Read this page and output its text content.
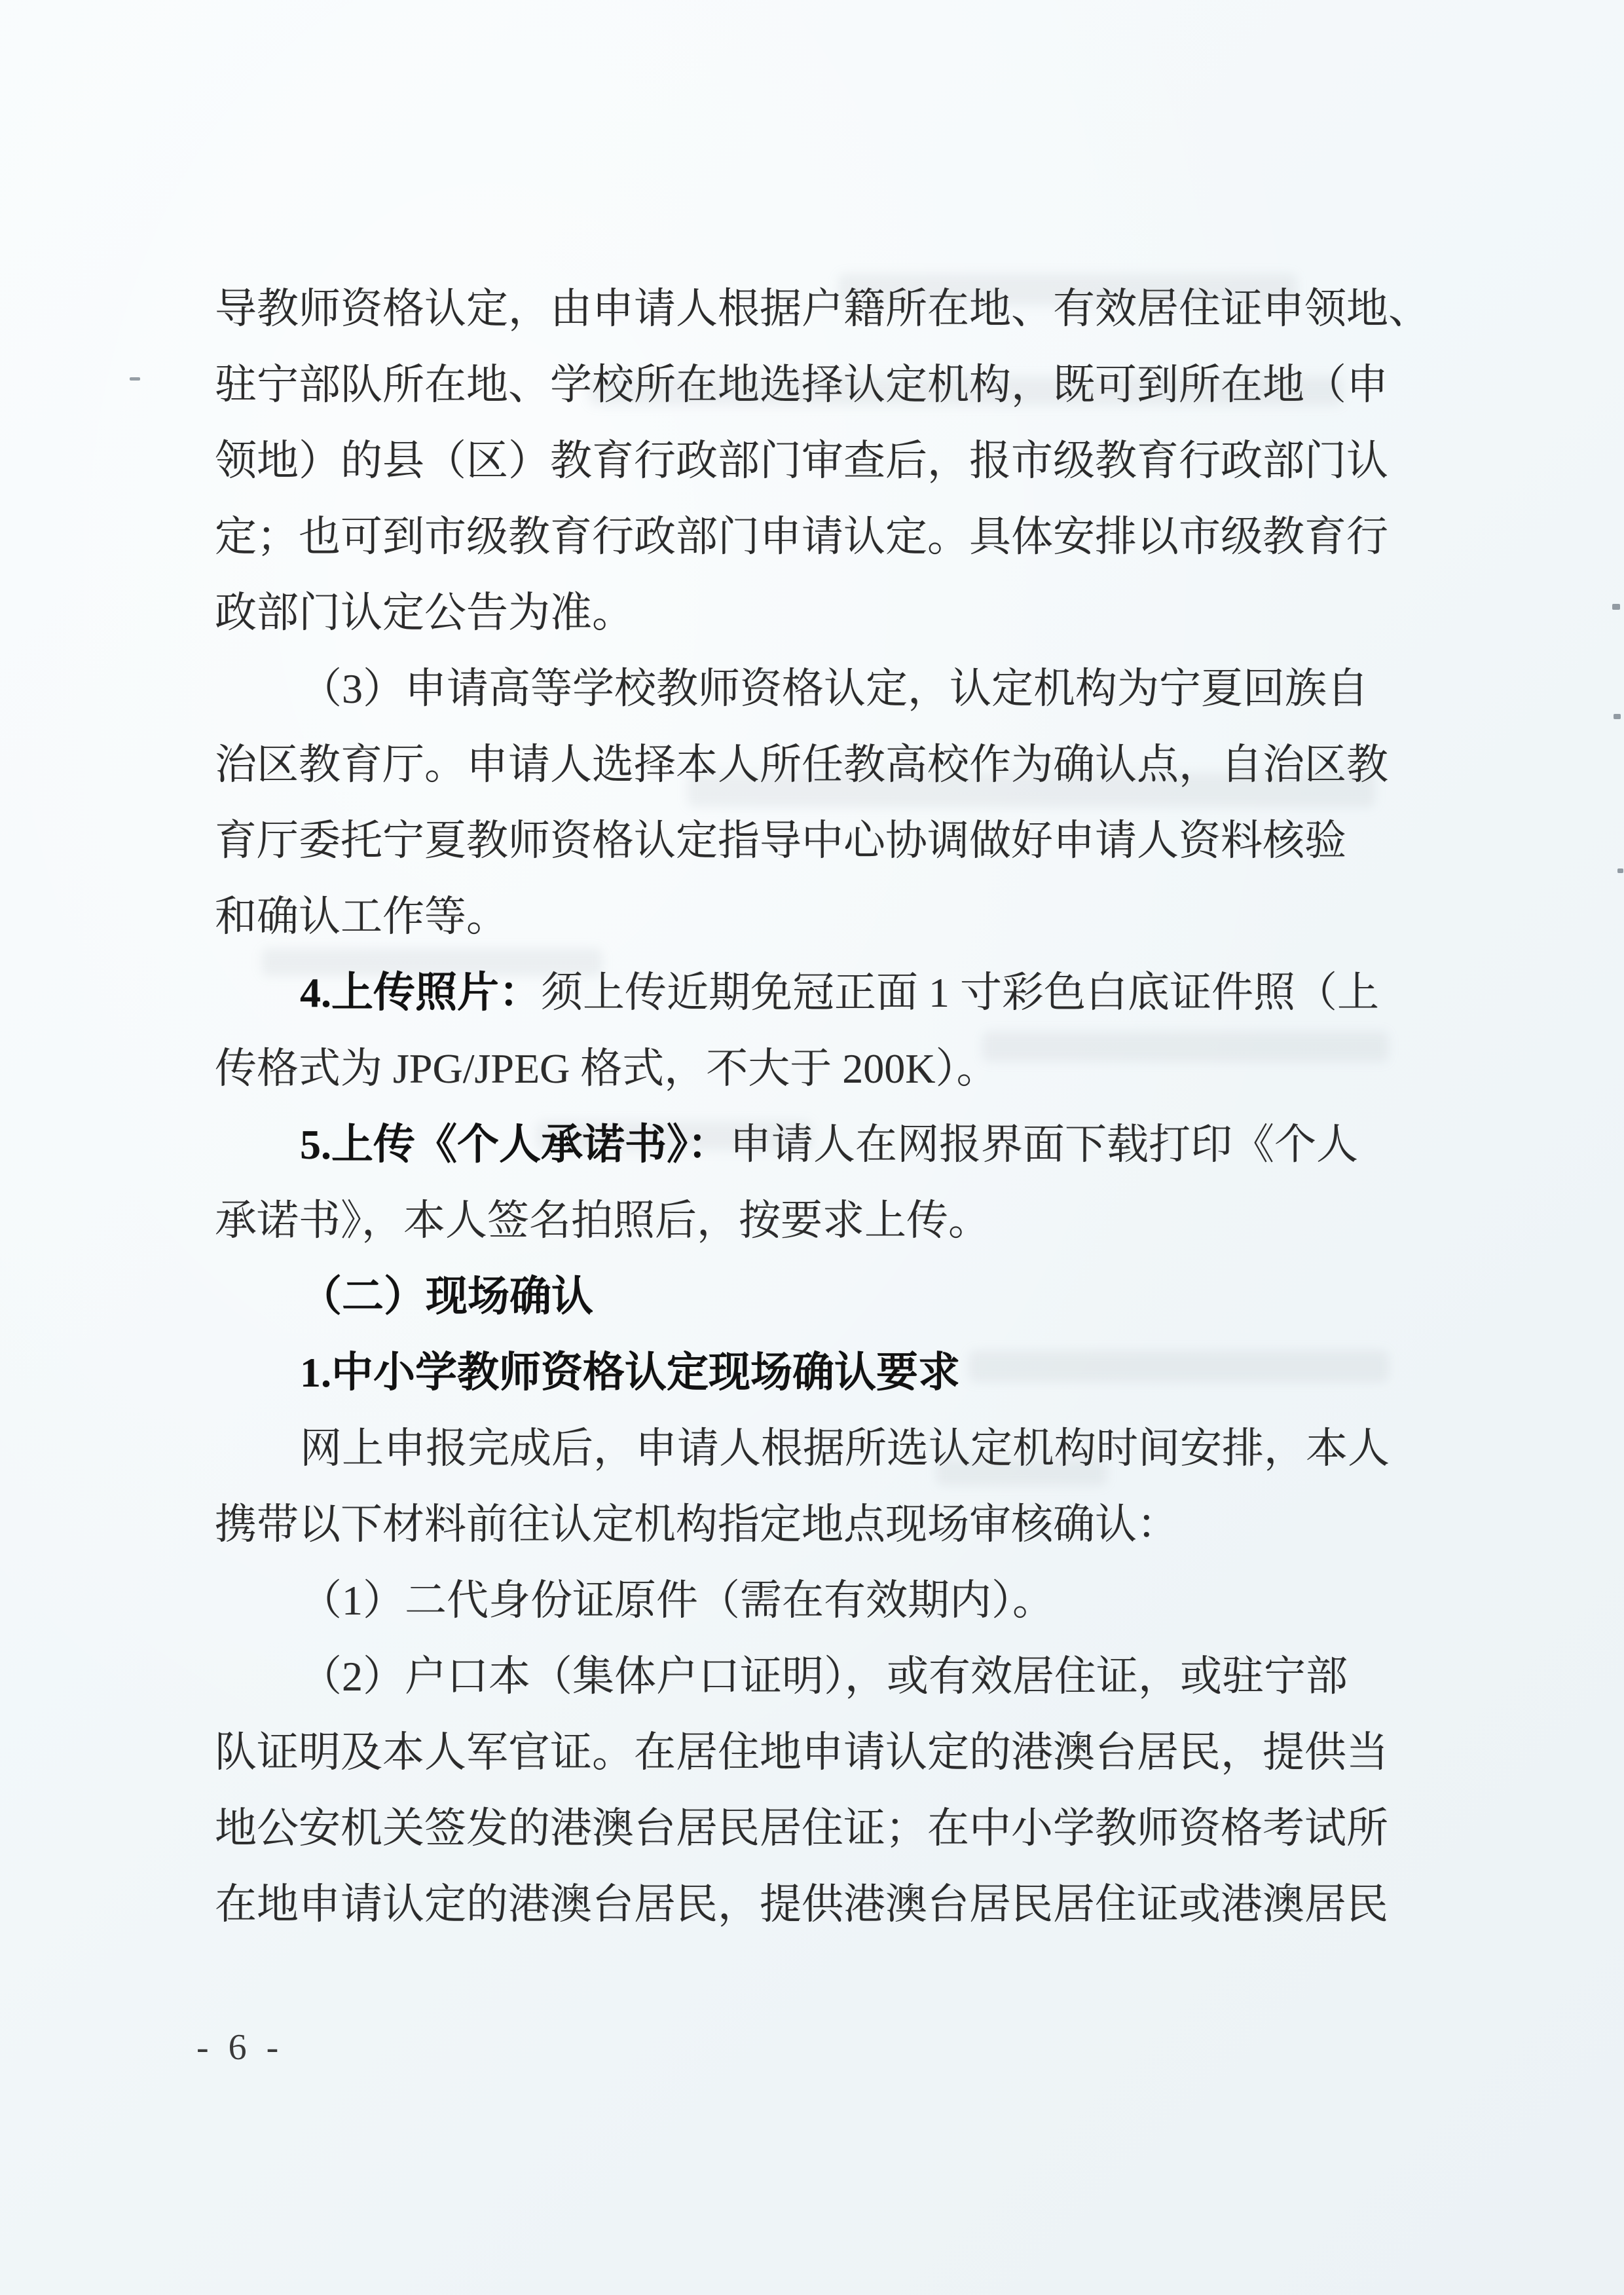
导教师资格认定，由申请人根据户籍所在地、有效居住证申领地、
驻宁部队所在地、学校所在地选择认定机构，既可到所在地（申
领地）的县（区）教育行政部门审查后，报市级教育行政部门认
定；也可到市级教育行政部门申请认定。具体安排以市级教育行
政部门认定公告为准。
（3）申请高等学校教师资格认定，认定机构为宁夏回族自
治区教育厅。申请人选择本人所任教高校作为确认点，自治区教
育厅委托宁夏教师资格认定指导中心协调做好申请人资料核验
和确认工作等。
4.上传照片：须上传近期免冠正面 1 寸彩色白底证件照（上
传格式为 JPG/JPEG 格式，不大于 200K）。
5.上传《个人承诺书》：申请人在网报界面下载打印《个人
承诺书》，本人签名拍照后，按要求上传。
（二）现场确认
1.中小学教师资格认定现场确认要求
网上申报完成后，申请人根据所选认定机构时间安排，本人
携带以下材料前往认定机构指定地点现场审核确认：
（1）二代身份证原件（需在有效期内）。
（2）户口本（集体户口证明），或有效居住证，或驻宁部
队证明及本人军官证。在居住地申请认定的港澳台居民，提供当
地公安机关签发的港澳台居民居住证；在中小学教师资格考试所
在地申请认定的港澳台居民，提供港澳台居民居住证或港澳居民
- 6 -
